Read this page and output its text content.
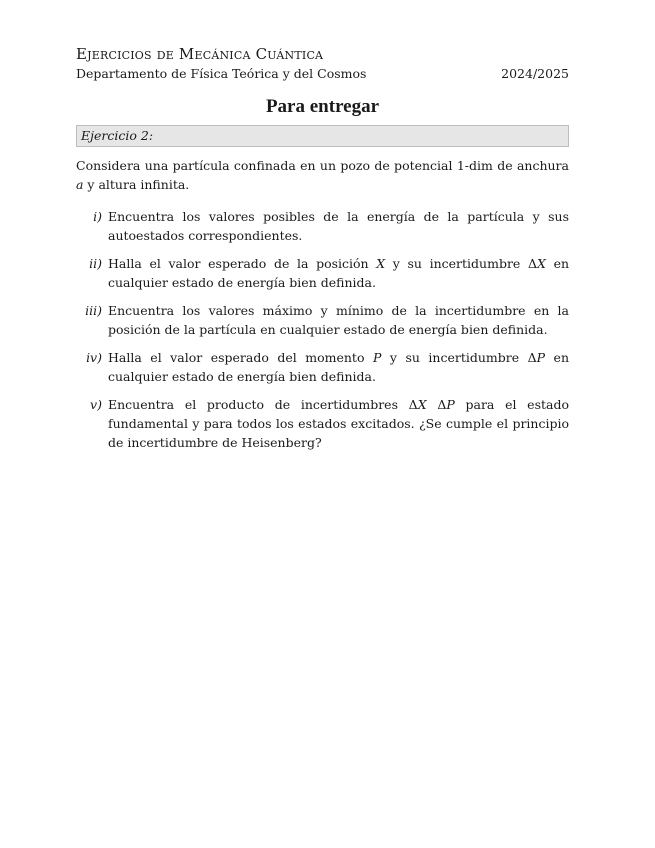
Ejercicios de Mecánica Cuántica
Departamento de Física Teórica y del Cosmos	2024/2025
Para entregar
Ejercicio 2:

Considera una partícula confinada en un pozo de potencial 1-dim de anchura a y altura infinita.

i) Encuentra los valores posibles de la energía de la partícula y sus autoestados correspondientes.
ii) Halla el valor esperado de la posición X y su incertidumbre ΔX en cualquier estado de energía bien definida.
iii) Encuentra los valores máximo y mínimo de la incertidumbre en la posición de la partícula en cualquier estado de energía bien definida.
iv) Halla el valor esperado del momento P y su incertidumbre ΔP en cualquier estado de energía bien definida.
v) Encuentra el producto de incertidumbres ΔX ΔP para el estado fundamental y para todos los estados excitados. ¿Se cumple el principio de incertidumbre de Heisenberg?
